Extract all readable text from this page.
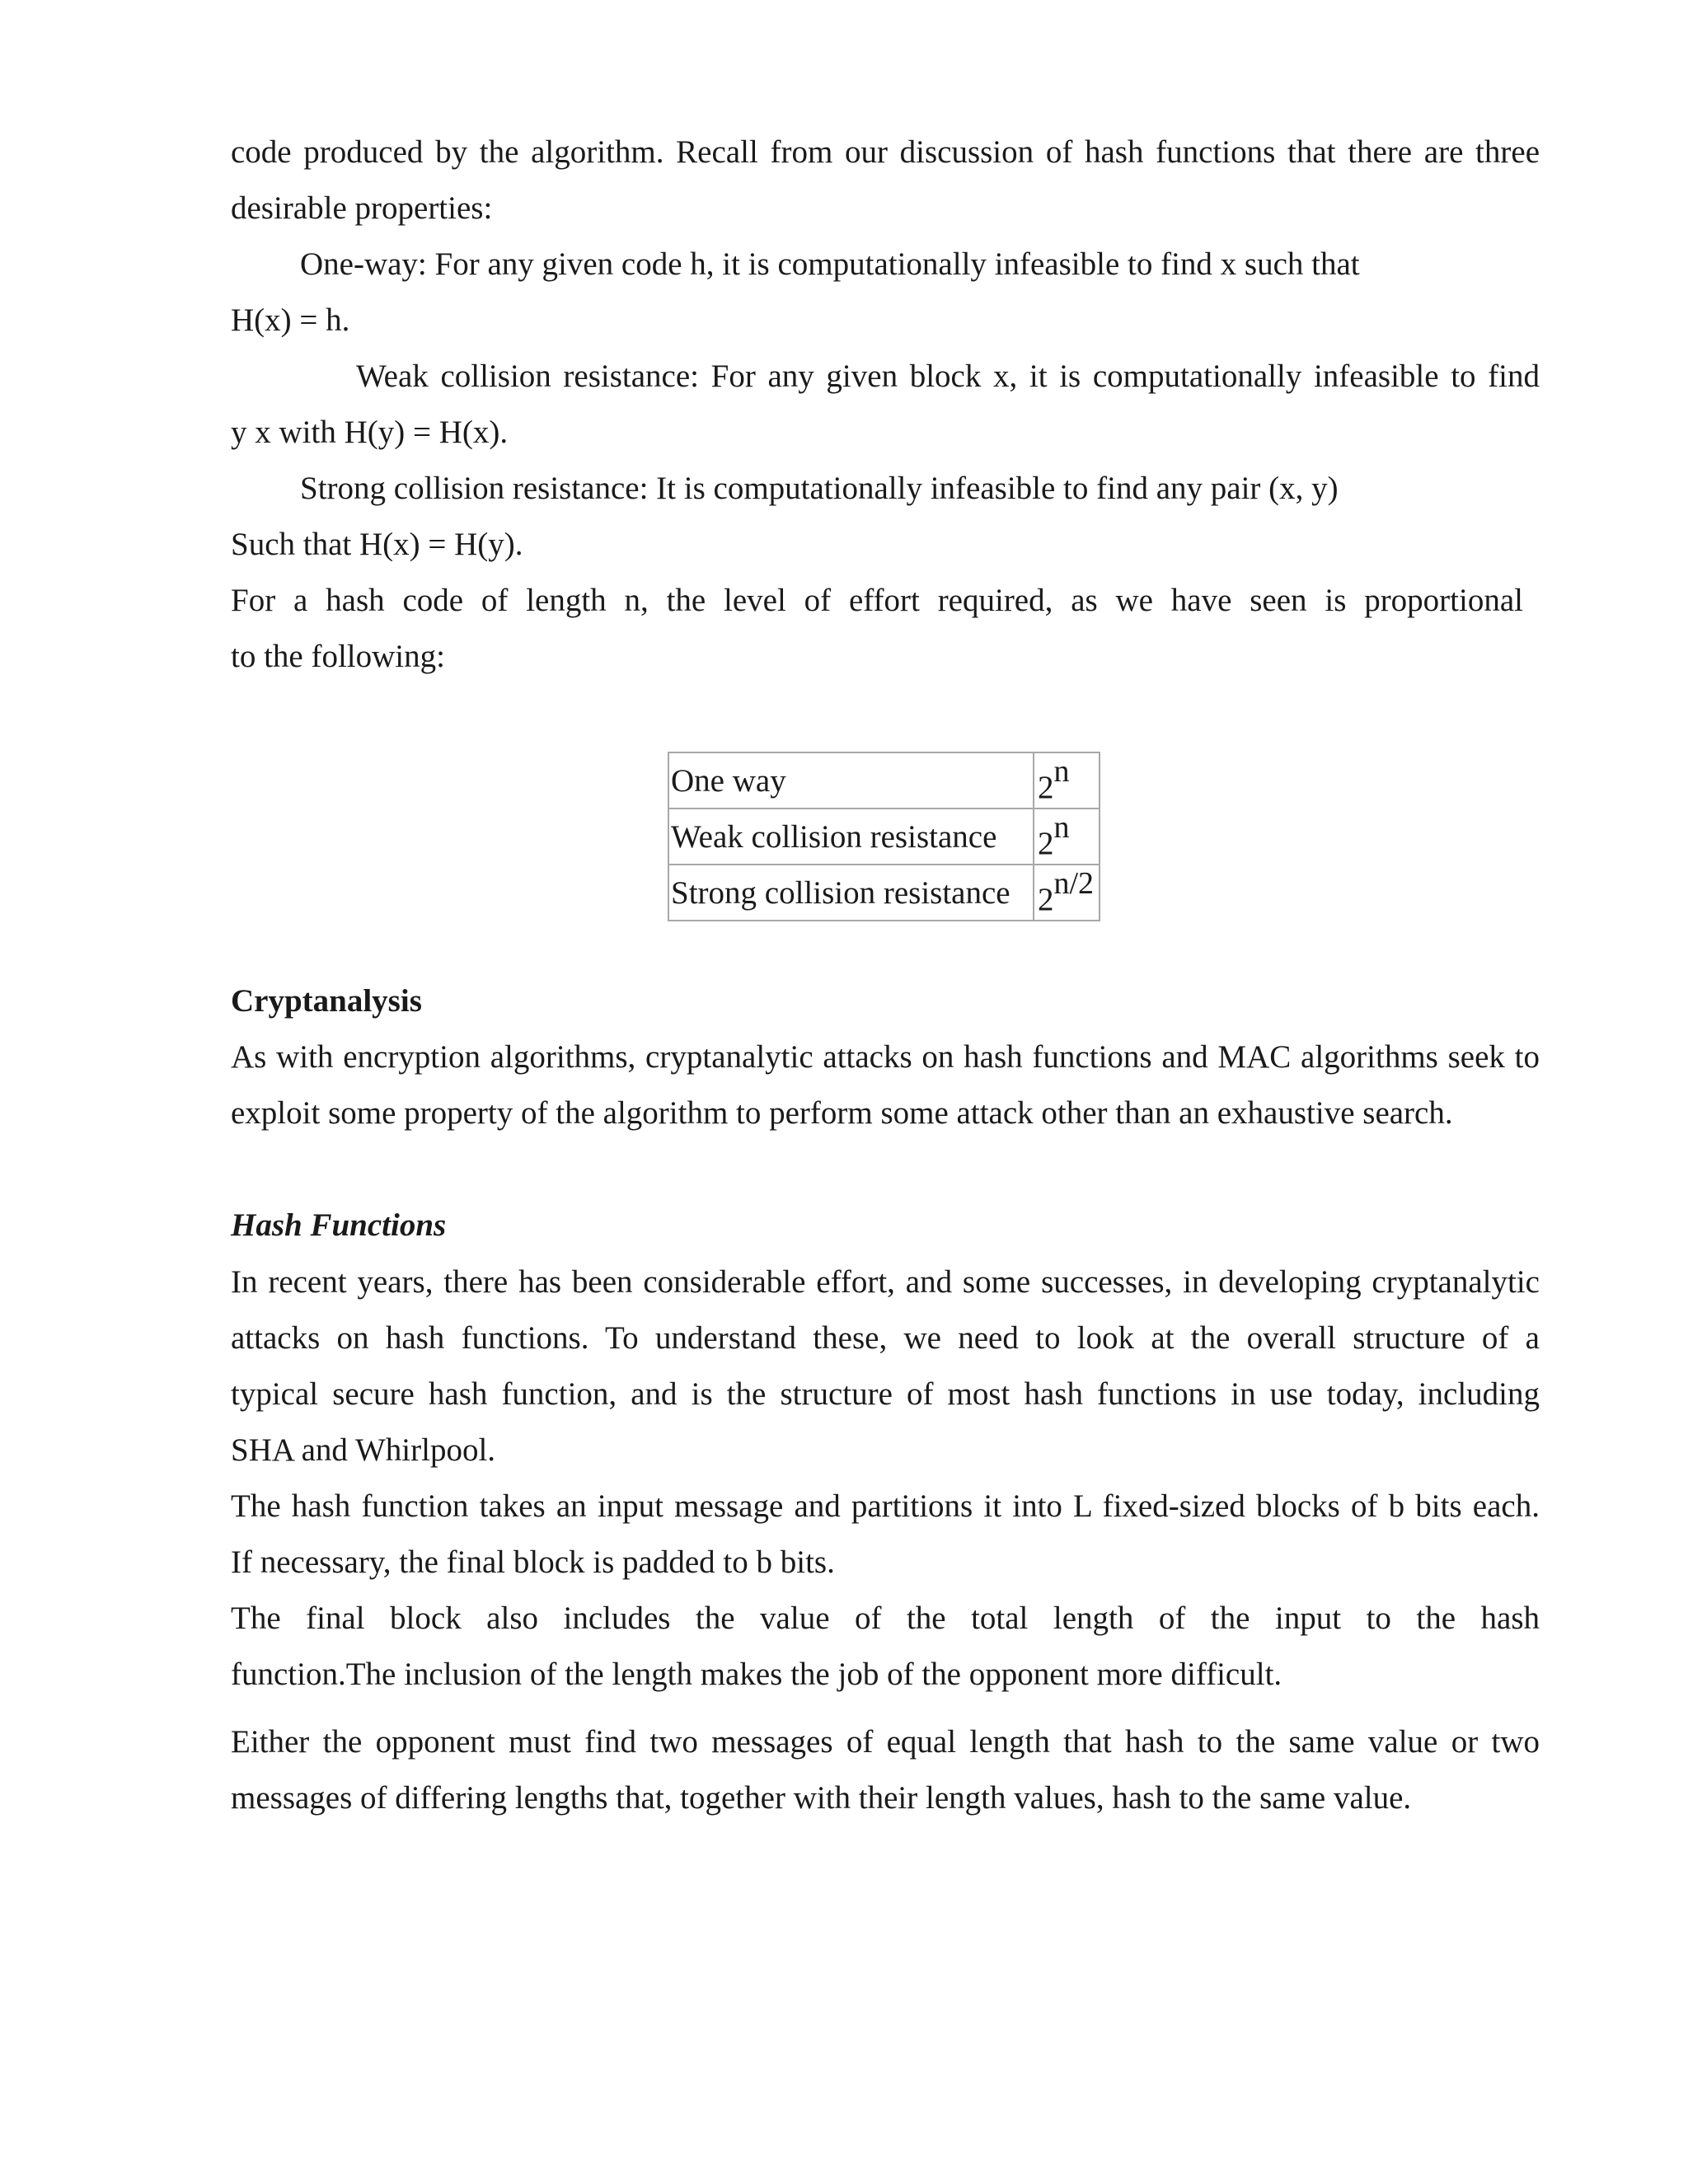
code produced by the algorithm. Recall from our discussion of hash functions that there are three
desirable properties:
One-way: For any given code h, it is computationally infeasible to find x such that
H(x) = h.
Weak collision resistance: For any given block x, it is computationally infeasible to find
y x with H(y) = H(x).
Strong collision resistance: It is computationally infeasible to find any pair (x, y)
Such that H(x) = H(y).
For a hash code of length n, the level of effort required, as we have seen is proportional
to the following:
One way	2n
Weak collision resistance	2n
Strong collision resistance	2n/2
Cryptanalysis
As with encryption algorithms, cryptanalytic attacks on hash functions and MAC algorithms seek to
exploit some property of the algorithm to perform some attack other than an exhaustive search.
Hash Functions
In recent years, there has been considerable effort, and some successes, in developing cryptanalytic
attacks on hash functions. To understand these, we need to look at the overall structure of a
typical secure hash function, and is the structure of most hash functions in use today, including
SHA and Whirlpool.
The hash function takes an input message and partitions it into L fixed-sized blocks of b bits each.
If necessary, the final block is padded to b bits.
The final block also includes the value of the total length of the input to the hash
function.The inclusion of the length makes the job of the opponent more difficult.
Either the opponent must find two messages of equal length that hash to the same value or two
messages of differing lengths that, together with their length values, hash to the same value.
